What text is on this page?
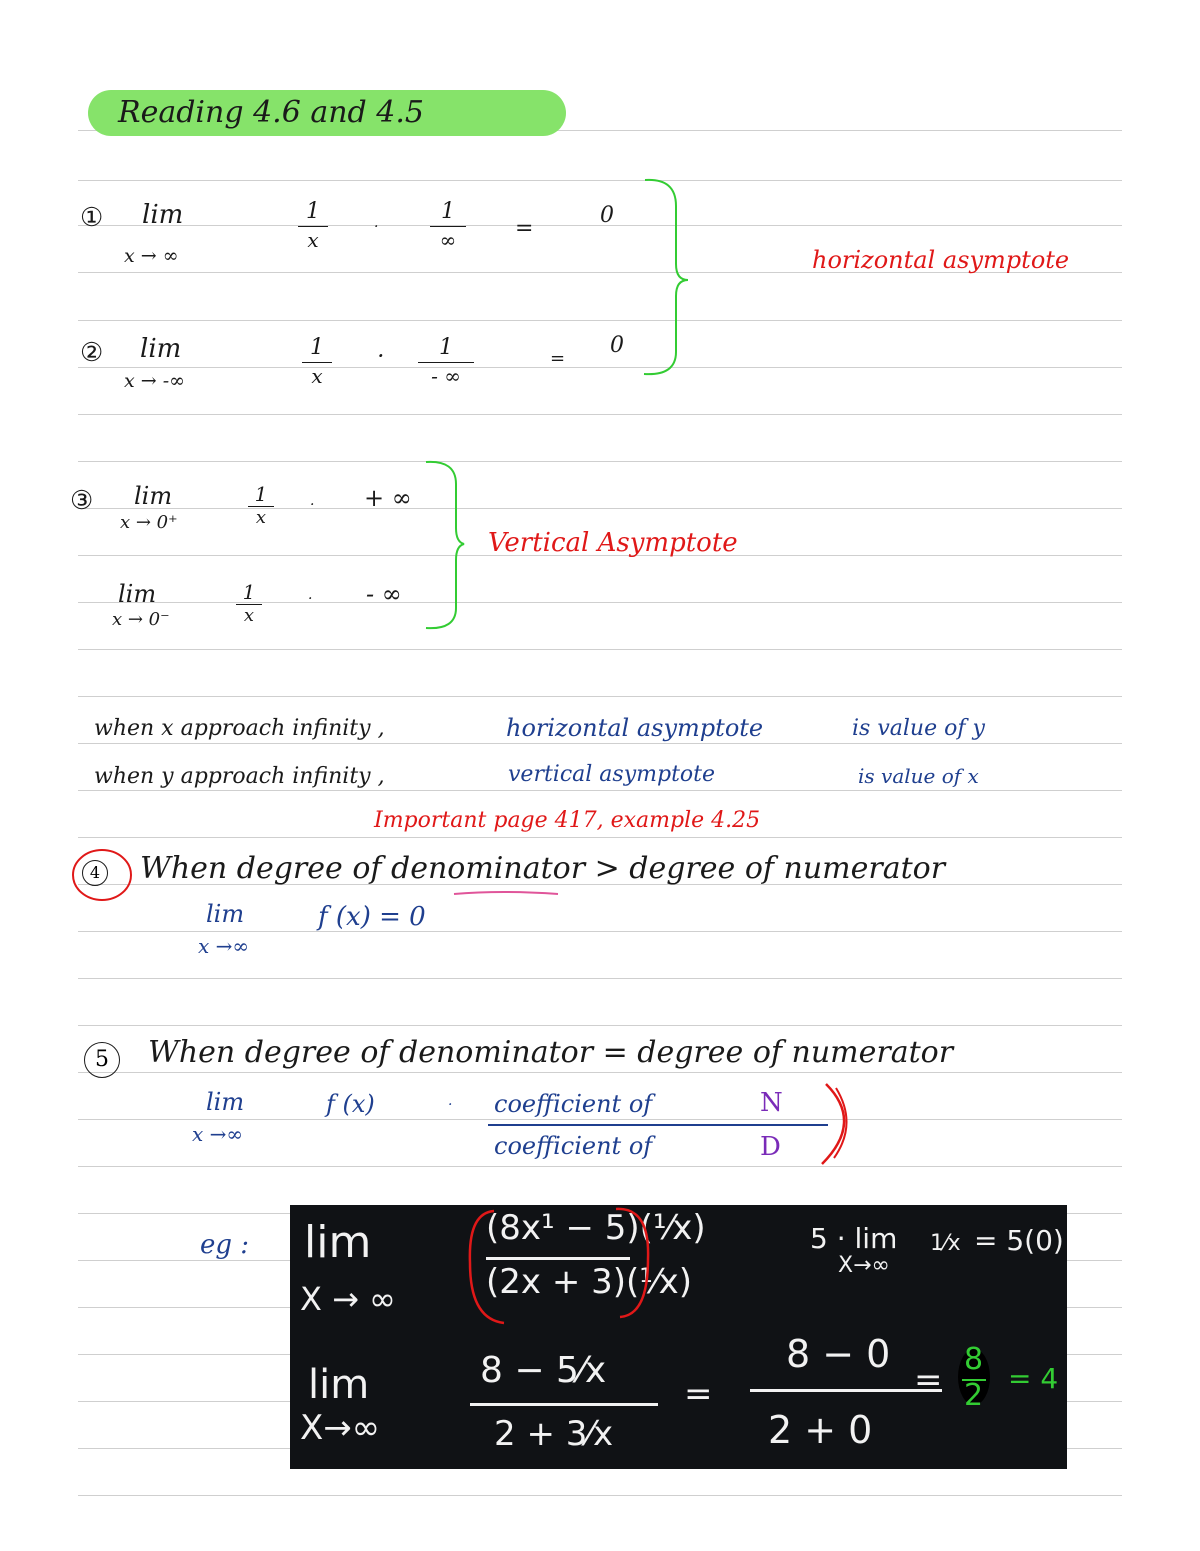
Reading 4.6 and 4.5
① lim
x → ∞
1
x
·
1
∞	=
0
② lim
x → -∞
1
x
·	1
- ∞
=
0
horizontal asymptote
③ lim
x → 0⁺
1
x
· + ∞
lim
x → 0⁻
1
x
· - ∞
Vertical Asymptote
when x approach infinity ,	horizontal asymptote	is value of y
when y approach infinity ,	vertical asymptote	is value of x
Important page 417, example 4.25
4 When degree of denominator > degree of numerator
lim
x →∞
f (x) = 0
5	When degree of denominator = degree of numerator
lim
x →∞
f (x)	· coefficient of	N
coefficient of	D
eg : lim
X → ∞
(8x¹ − 5)(¹⁄x)
(2x + 3)(¹⁄x)
5 · lim
X→∞
1⁄x = 5(0)
lim
X→∞
8 − 5⁄x
2 + 3⁄x
=
8 − 0
2 + 0
=
8
2 = 4
